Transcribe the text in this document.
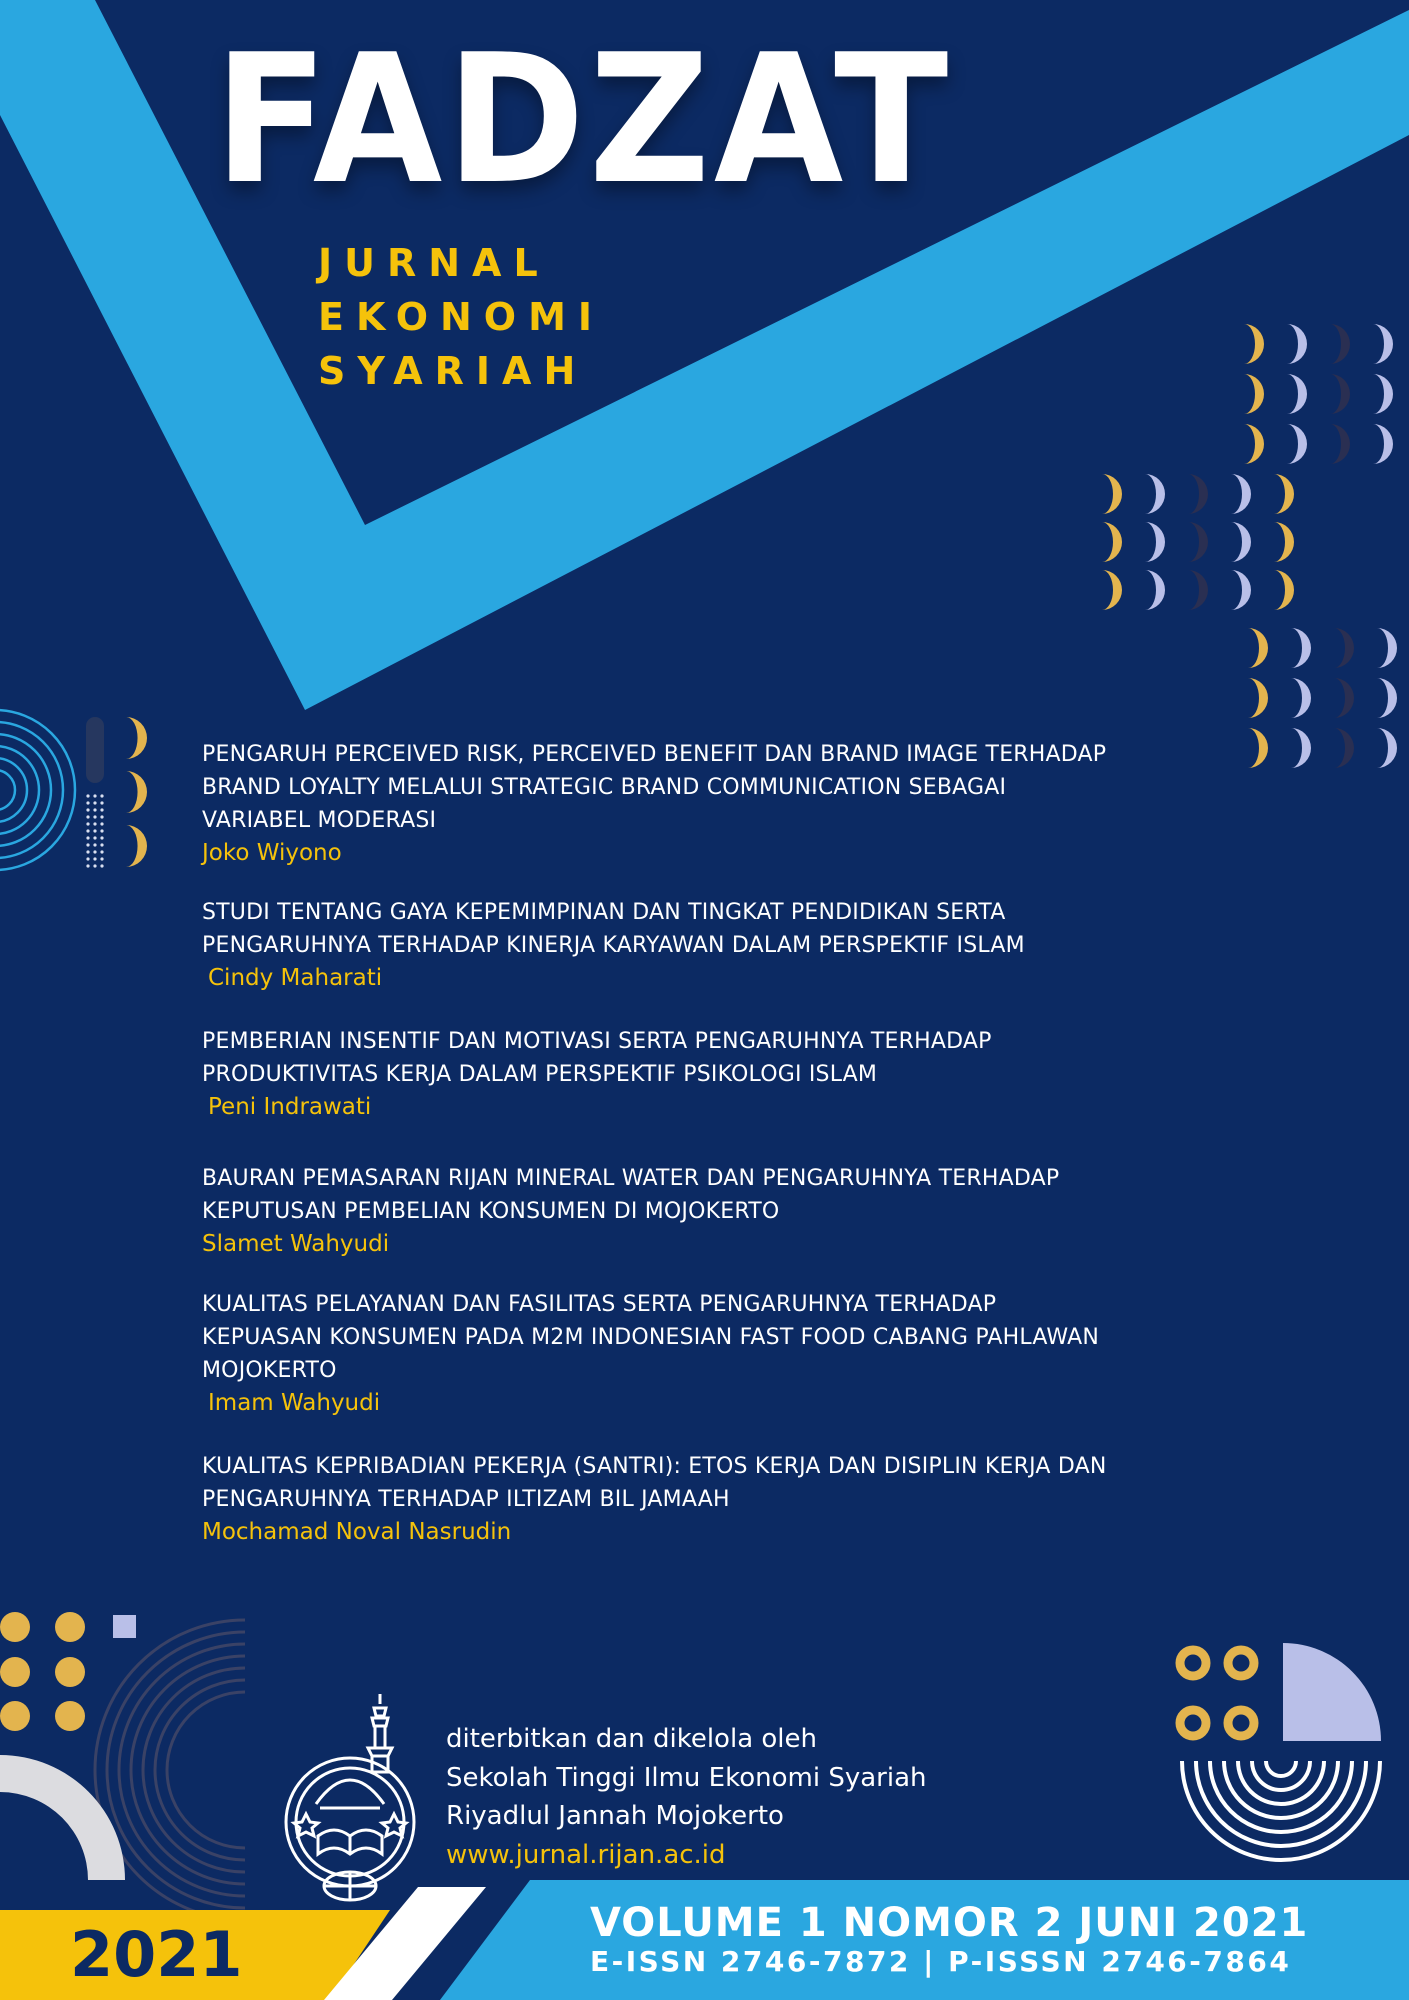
FADZAT
JURNAL
EKONOMI
SYARIAH
PENGARUH PERCEIVED RISK, PERCEIVED BENEFIT DAN BRAND IMAGE TERHADAP
BRAND LOYALTY MELALUI STRATEGIC BRAND COMMUNICATION SEBAGAI
VARIABEL MODERASI
Joko Wiyono
STUDI TENTANG GAYA KEPEMIMPINAN DAN TINGKAT PENDIDIKAN SERTA
PENGARUHNYA TERHADAP KINERJA KARYAWAN DALAM PERSPEKTIF ISLAM
Cindy Maharati
PEMBERIAN INSENTIF DAN MOTIVASI SERTA PENGARUHNYA TERHADAP
PRODUKTIVITAS KERJA DALAM PERSPEKTIF PSIKOLOGI ISLAM
Peni Indrawati
BAURAN PEMASARAN RIJAN MINERAL WATER DAN PENGARUHNYA TERHADAP
KEPUTUSAN PEMBELIAN KONSUMEN DI MOJOKERTO
Slamet Wahyudi
KUALITAS PELAYANAN DAN FASILITAS SERTA PENGARUHNYA TERHADAP
KEPUASAN KONSUMEN PADA M2M INDONESIAN FAST FOOD CABANG PAHLAWAN
MOJOKERTO
Imam Wahyudi
KUALITAS KEPRIBADIAN PEKERJA (SANTRI): ETOS KERJA DAN DISIPLIN KERJA DAN
PENGARUHNYA TERHADAP ILTIZAM BIL JAMAAH
Mochamad Noval Nasrudin
diterbitkan dan dikelola oleh
Sekolah Tinggi Ilmu Ekonomi Syariah
Riyadlul Jannah Mojokerto
www.jurnal.rijan.ac.id
2021	VOLUME 1 NOMOR 2 JUNI 2021
E-ISSN 2746-7872 | P-ISSSN 2746-7864
